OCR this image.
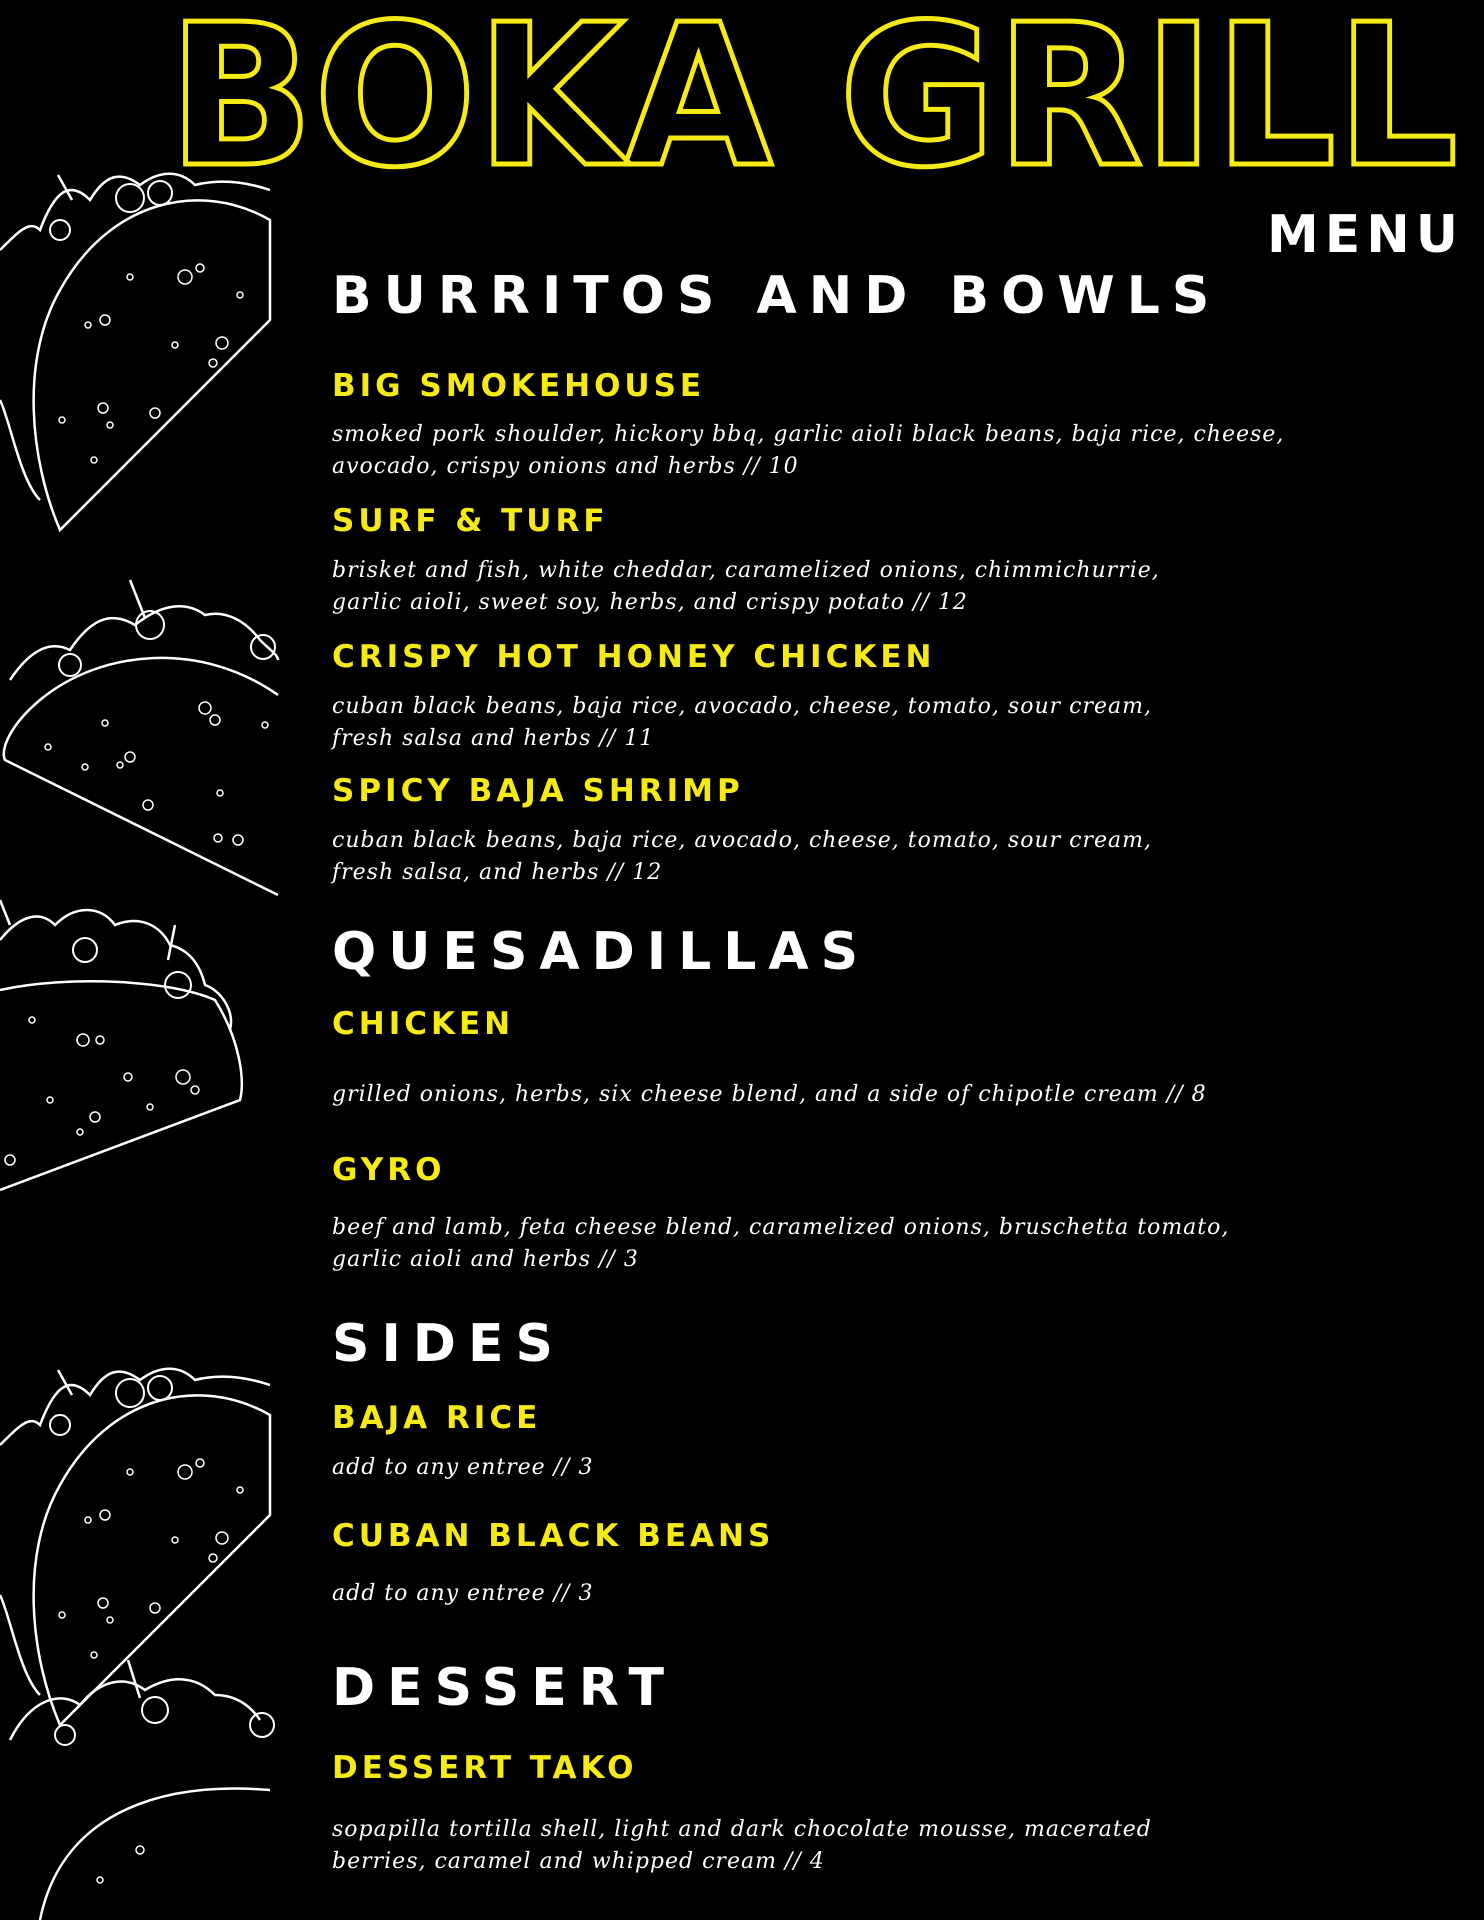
BOKA GRILL
MENU
BURRITOS AND BOWLS
BIG SMOKEHOUSE

smoked pork shoulder, hickory bbq, garlic aioli black beans, baja rice, cheese,
avocado, crispy onions and herbs // 10

SURF & TURF

brisket and fish, white cheddar, caramelized onions, chimmichurrie,
garlic aioli, sweet soy, herbs, and crispy potato // 12

CRISPY HOT HONEY CHICKEN

cuban black beans, baja rice, avocado, cheese, tomato, sour cream,
fresh salsa and herbs // 11

SPICY BAJA SHRIMP

cuban black beans, baja rice, avocado, cheese, tomato, sour cream,
fresh salsa, and herbs // 12

QUESADILLAS
CHICKEN

grilled onions, herbs, six cheese blend, and a side of chipotle cream // 8

GYRO

beef and lamb, feta cheese blend, caramelized onions, bruschetta tomato,
garlic aioli and herbs // 3

SIDES
BAJA RICE

add to any entree // 3

CUBAN BLACK BEANS

add to any entree // 3

DESSERT
DESSERT TAKO

sopapilla tortilla shell, light and dark chocolate mousse, macerated
berries, caramel and whipped cream // 4
